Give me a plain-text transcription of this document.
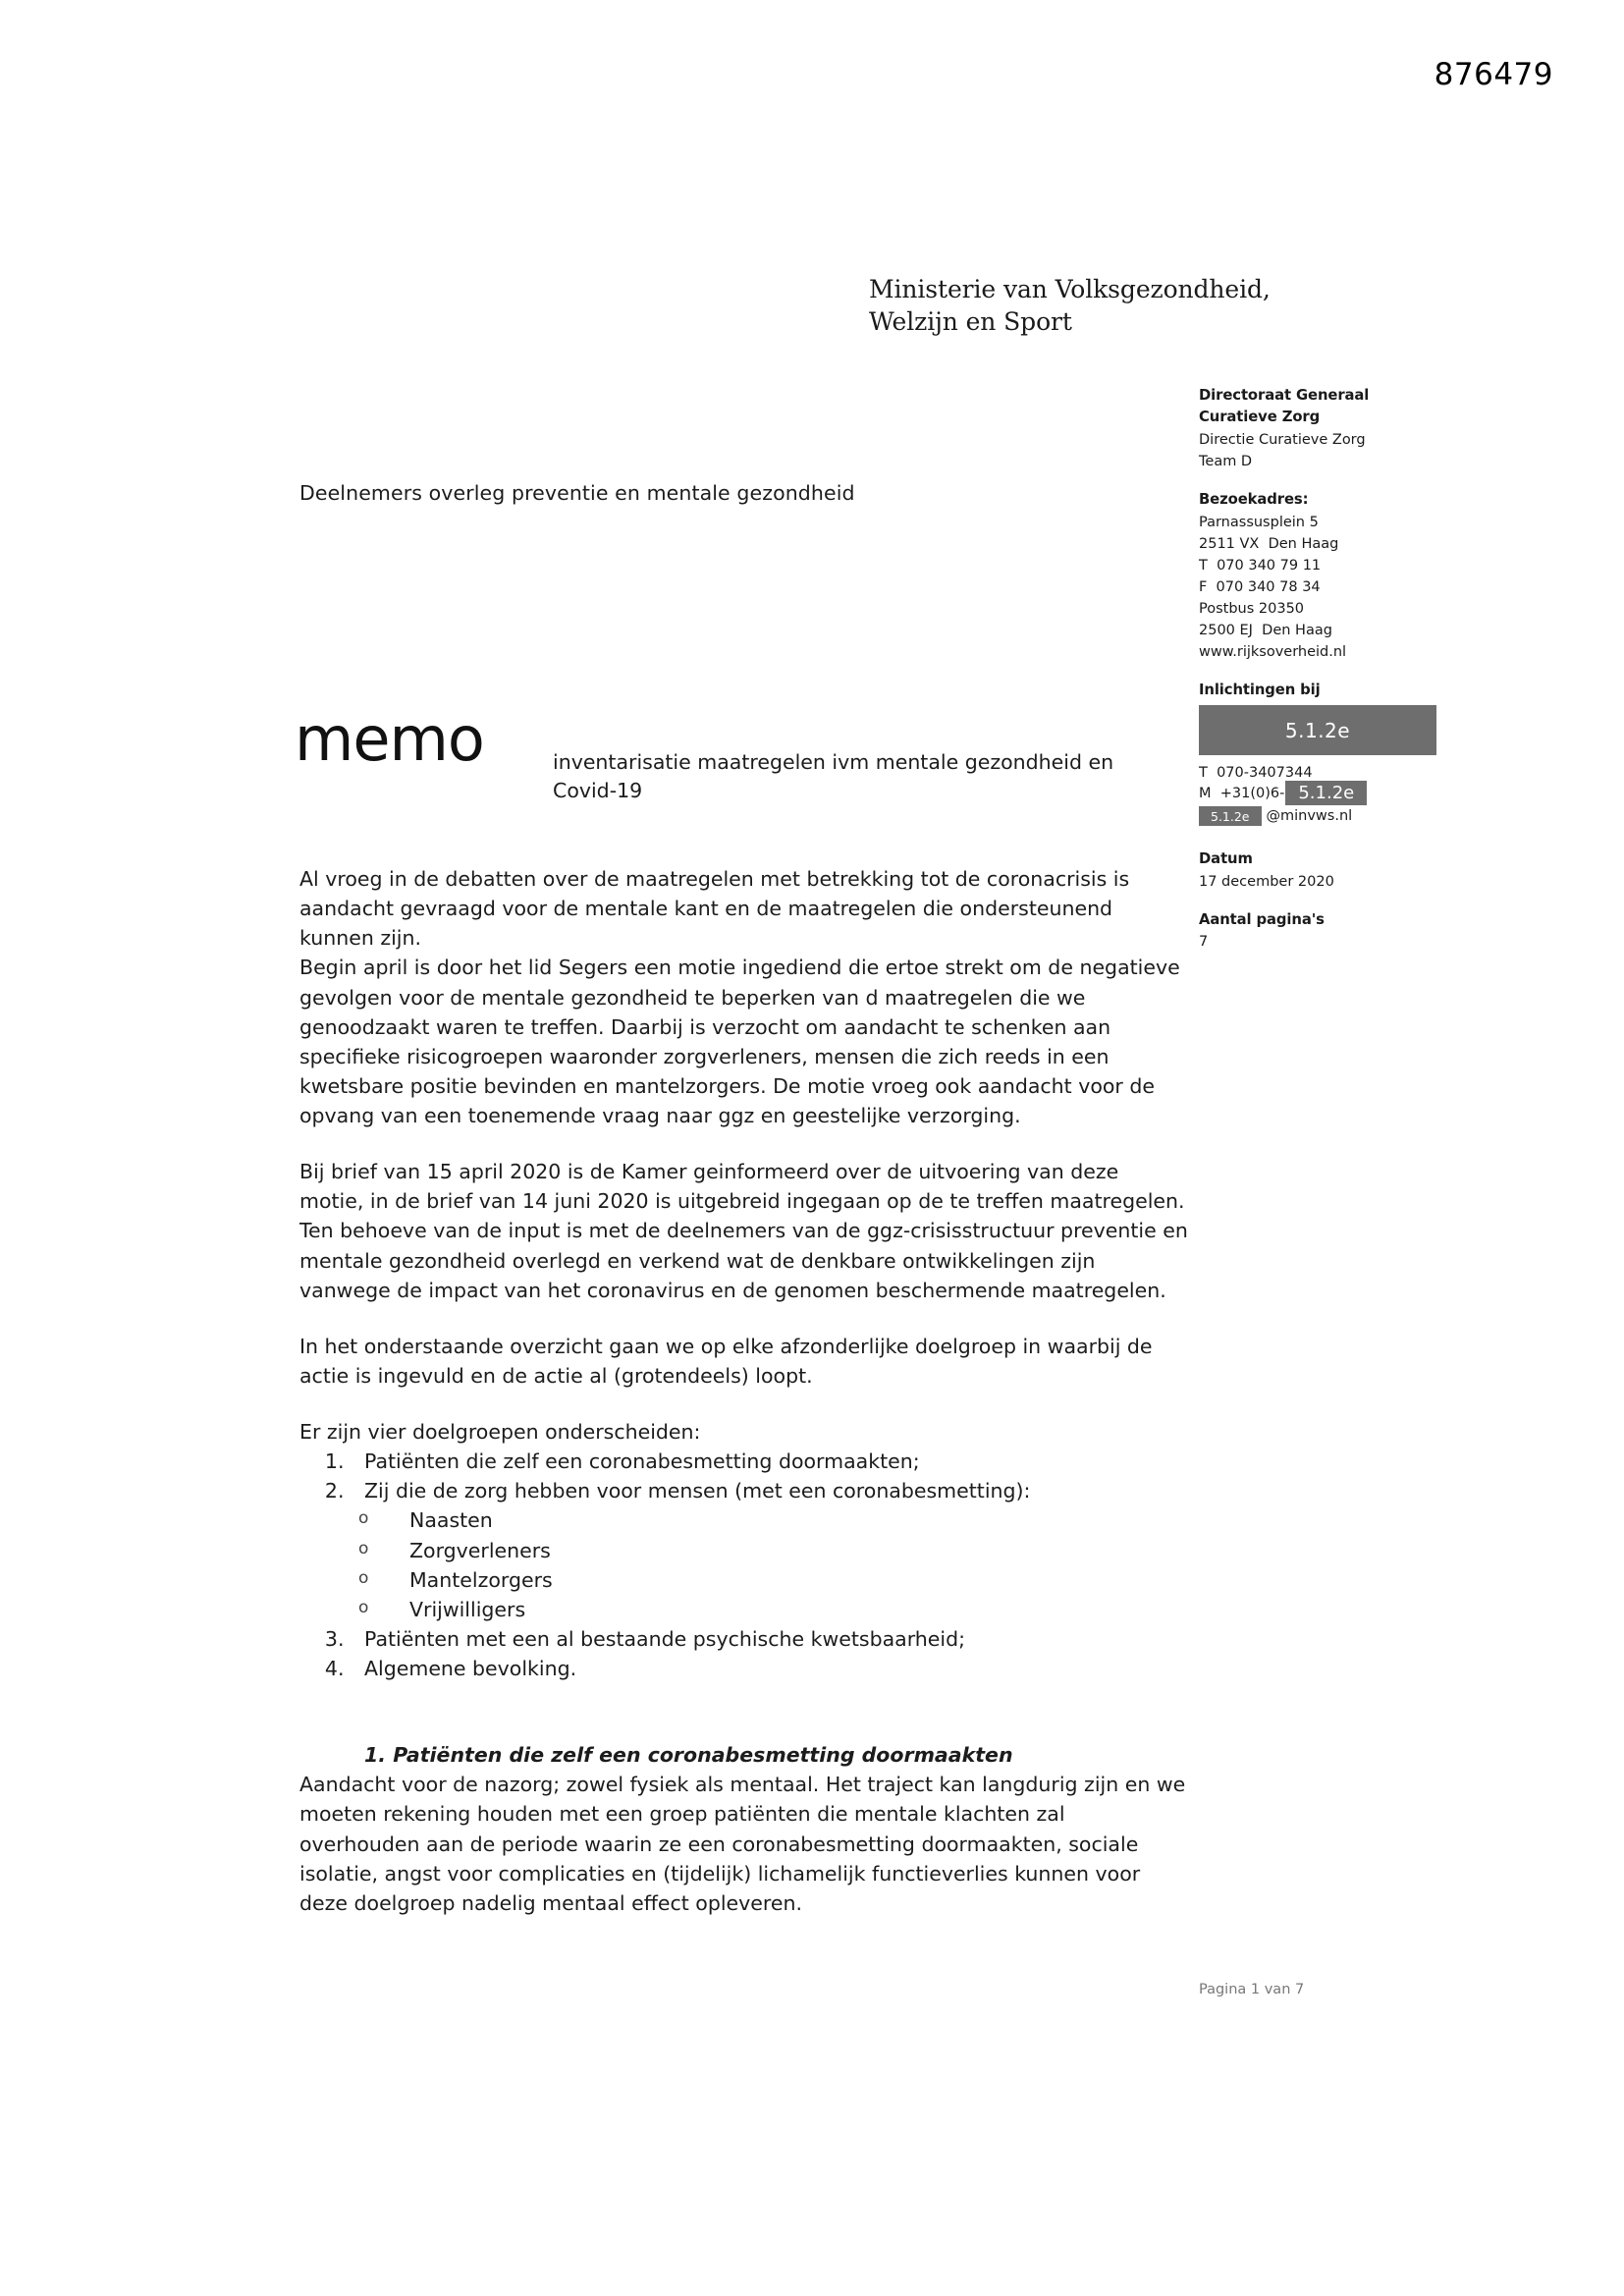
876479
Ministerie van Volksgezondheid,
Welzijn en Sport
Deelnemers overleg preventie en mentale gezondheid
memo	inventarisatie maatregelen ivm mentale gezondheid en Covid-19
Directoraat Generaal
Curatieve Zorg
Directie Curatieve Zorg
Team D
Bezoekadres:
Parnassusplein 5
2511 VX  Den Haag
T  070 340 79 11
F  070 340 78 34
Postbus 20350
2500 EJ  Den Haag
www.rijksoverheid.nl
Inlichtingen bij
5.1.2e
T
070-3407344
M
+31(0)6- 5.1.2e
5.1.2e	@minvws.nl
Datum
17 december 2020
Aantal pagina's
7

Al vroeg in de debatten over de maatregelen met betrekking tot de coronacrisis is aandacht gevraagd voor de mentale kant en de maatregelen die ondersteunend kunnen zijn.

Begin april is door het lid Segers een motie ingediend die ertoe strekt om de negatieve gevolgen voor de mentale gezondheid te beperken van d maatregelen die we genoodzaakt waren te treffen. Daarbij is verzocht om aandacht te schenken aan specifieke risicogroepen waaronder zorgverleners, mensen die zich reeds in een kwetsbare positie bevinden en mantelzorgers. De motie vroeg ook aandacht voor de opvang van een toenemende vraag naar ggz en geestelijke verzorging.

Bij brief van 15 april 2020 is de Kamer geinformeerd over de uitvoering van deze motie, in de brief van 14 juni 2020 is uitgebreid ingegaan op de te treffen maatregelen. Ten behoeve van de input is met de deelnemers van de ggz-crisisstructuur preventie en mentale gezondheid overlegd en verkend wat de denkbare ontwikkelingen zijn vanwege de impact van het coronavirus en de genomen beschermende maatregelen.

In het onderstaande overzicht gaan we op elke afzonderlijke doelgroep in waarbij de actie is ingevuld en de actie al (grotendeels) loopt.

Er zijn vier doelgroepen onderscheiden:

1. Patiënten die zelf een coronabesmetting doormaakten;
2. Zij die de zorg hebben voor mensen (met een coronabesmetting):
o Naasten
o Zorgverleners
o Mantelzorgers
o Vrijwilligers
3. Patiënten met een al bestaande psychische kwetsbaarheid;
4. Algemene bevolking.

1. Patiënten die zelf een coronabesmetting doormaakten

Aandacht voor de nazorg; zowel fysiek als mentaal. Het traject kan langdurig zijn en we moeten rekening houden met een groep patiënten die mentale klachten zal overhouden aan de periode waarin ze een coronabesmetting doormaakten, sociale isolatie, angst voor complicaties en (tijdelijk) lichamelijk functieverlies kunnen voor deze doelgroep nadelig mentaal effect opleveren.

Pagina 1 van 7
